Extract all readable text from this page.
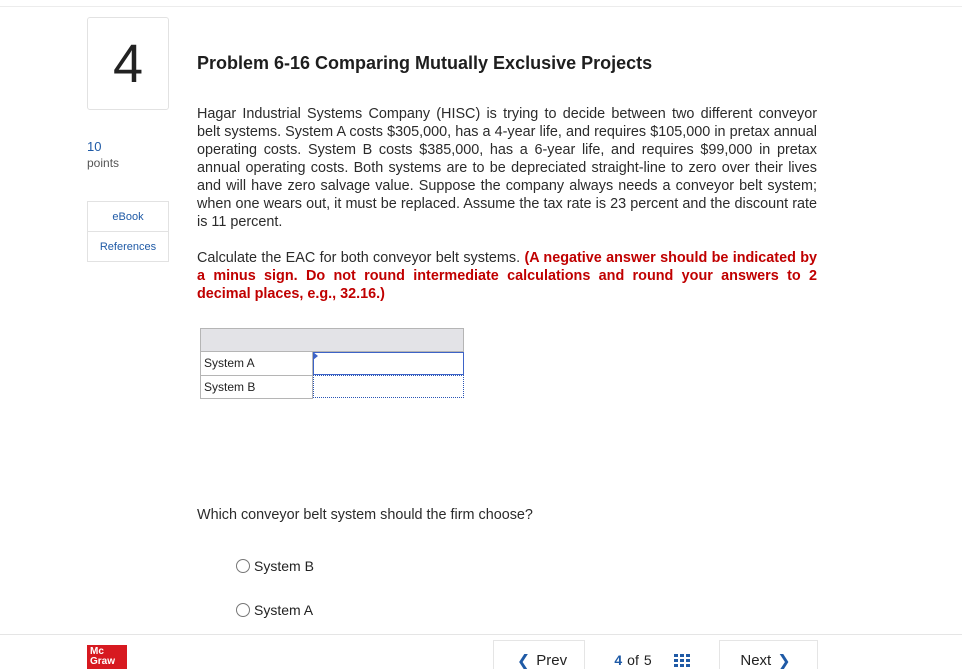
4
10
points
eBook
References
Problem 6-16 Comparing Mutually Exclusive Projects

Hagar Industrial Systems Company (HISC) is trying to decide between two different conveyor belt systems. System A costs $305,000, has a 4-year life, and requires $105,000 in pretax annual operating costs. System B costs $385,000, has a 6-year life, and requires $99,000 in pretax annual operating costs. Both systems are to be depreciated straight-line to zero over their lives and will have zero salvage value. Suppose the company always needs a conveyor belt system; when one wears out, it must be replaced. Assume the tax rate is 23 percent and the discount rate is 11 percent.

Calculate the EAC for both conveyor belt systems. (A negative answer should be indicated by a minus sign. Do not round intermediate calculations and round your answers to 2 decimal places, e.g., 32.16.)

System A	

System B	

Which conveyor belt system should the firm choose?

System B
System A
Mc
Graw	❮ Prev	4 of 5	Next ❯
